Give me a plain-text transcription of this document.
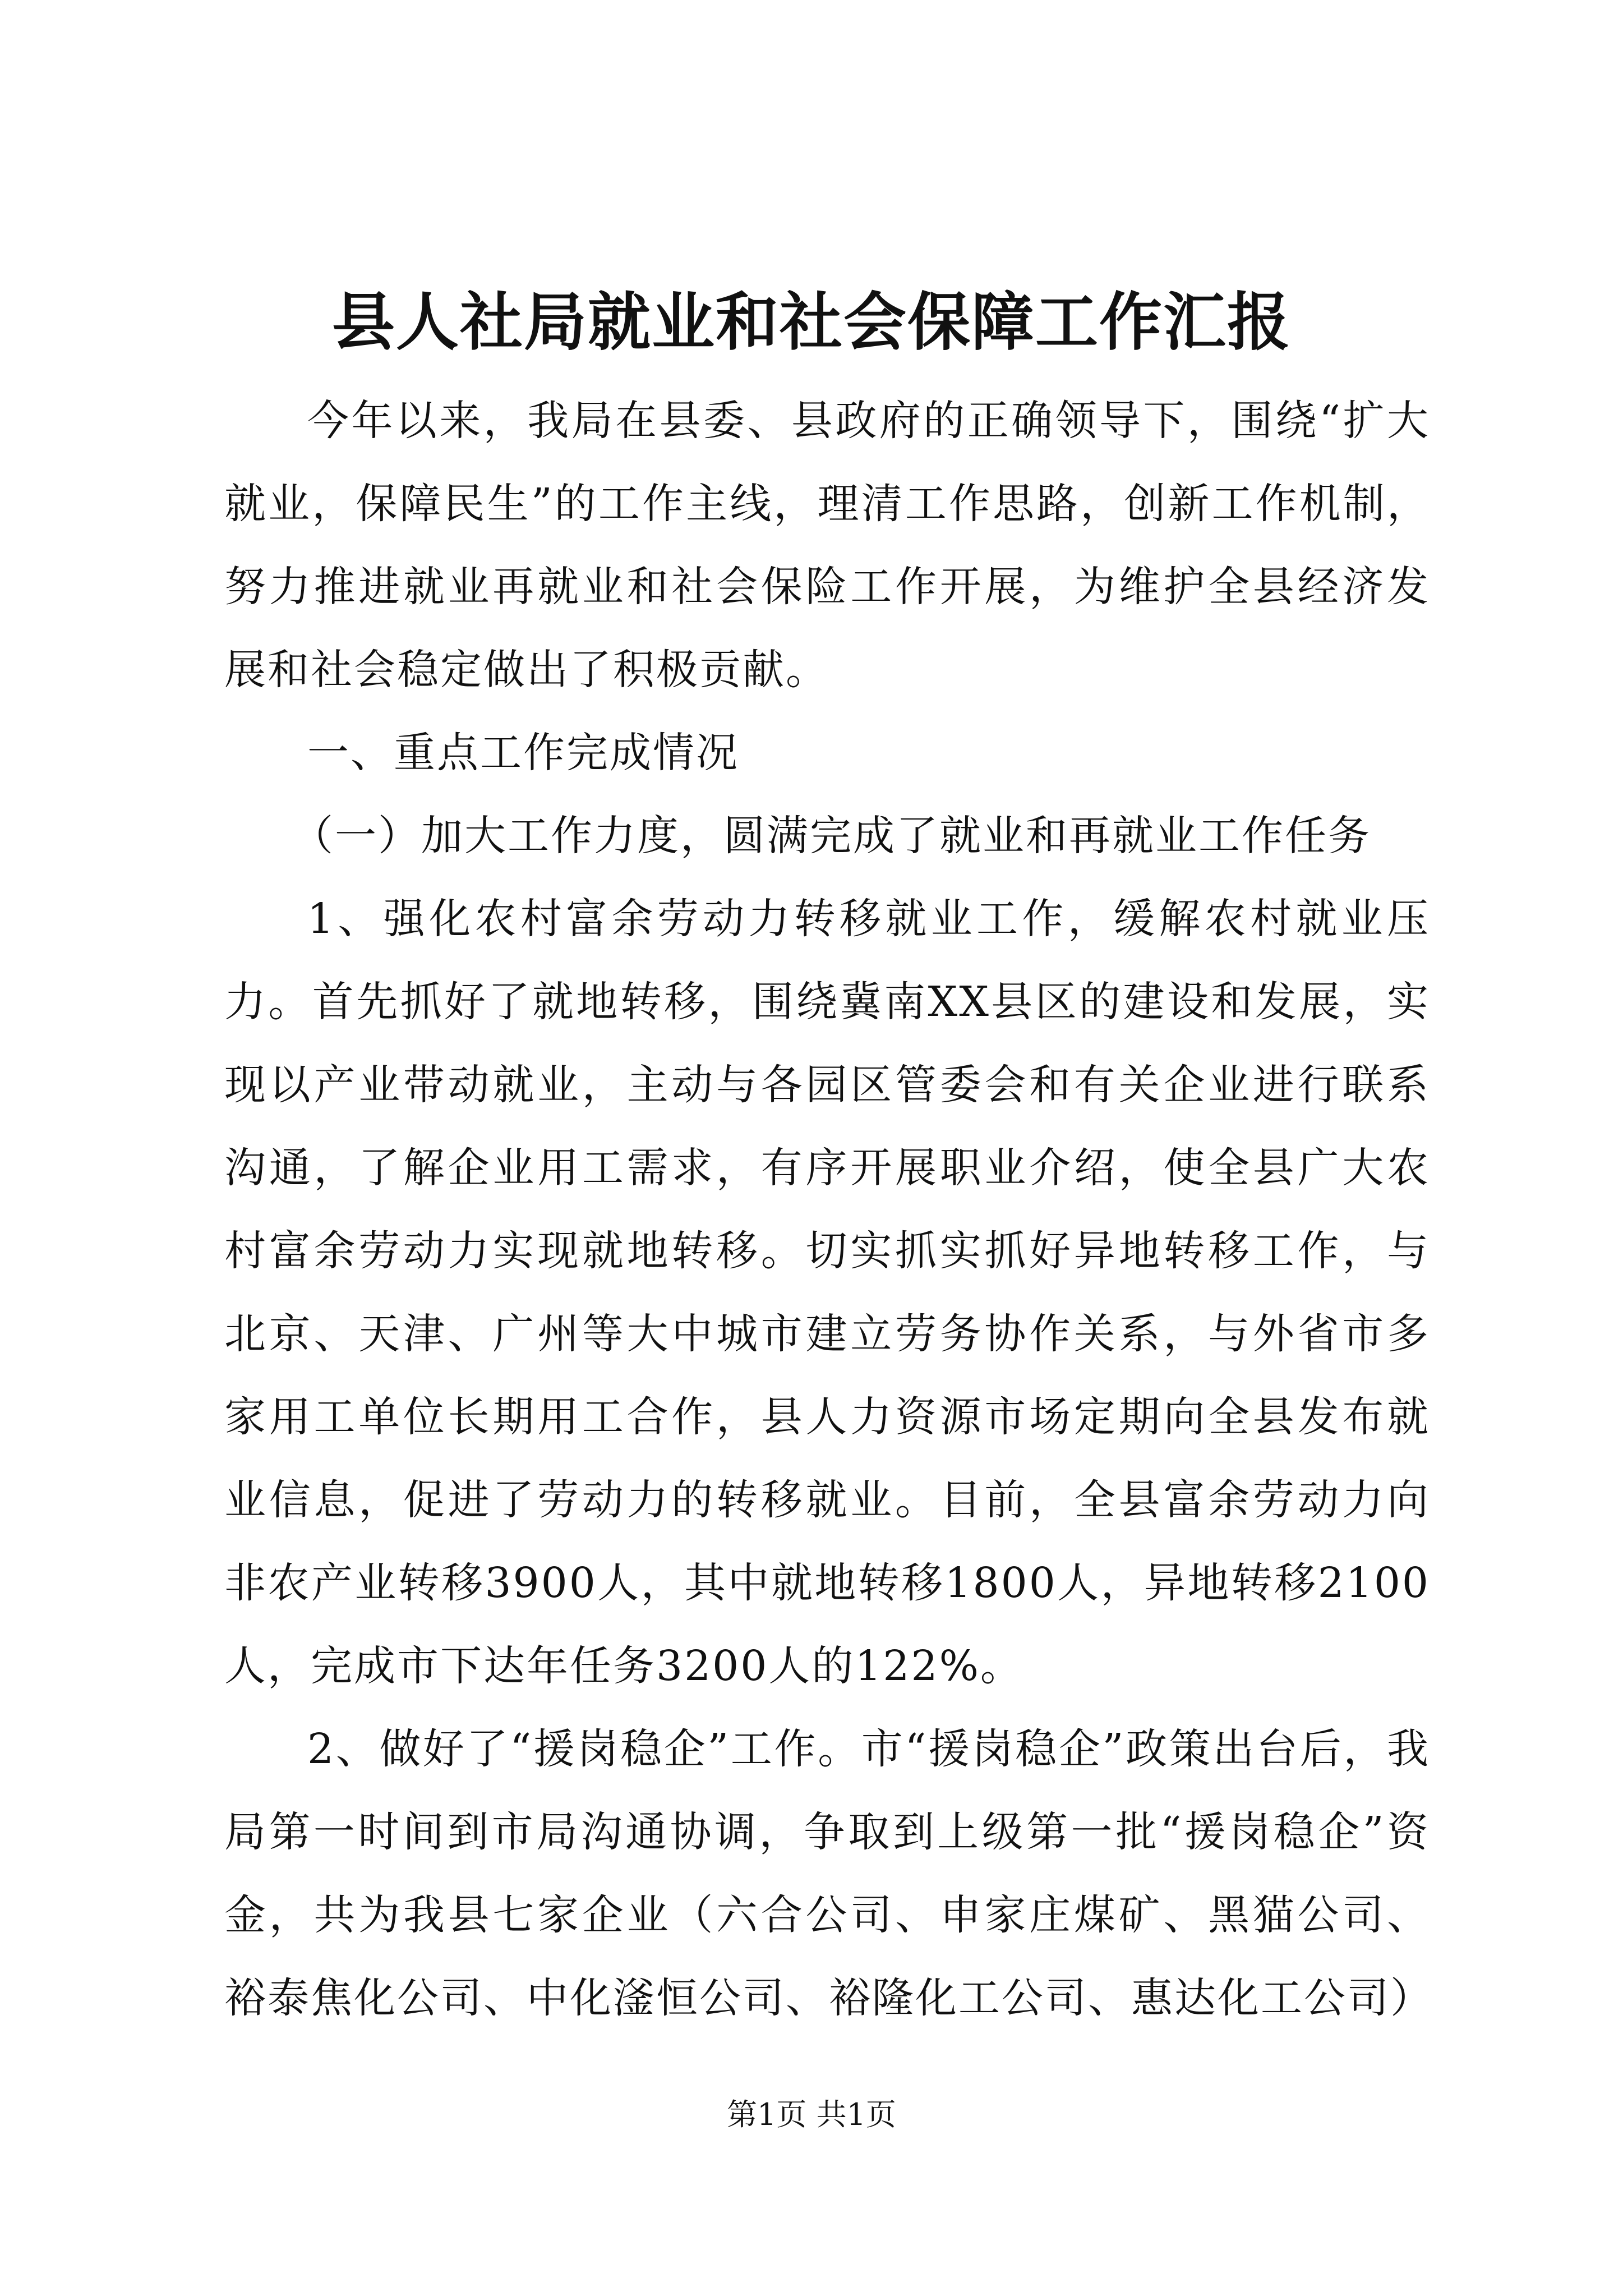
县人社局就业和社会保障工作汇报

今年以来，我局在县委、县政府的正确领导下，围绕“扩大就业，保障民生”的工作主线，理清工作思路，创新工作机制，努力推进就业再就业和社会保险工作开展，为维护全县经济发展和社会稳定做出了积极贡献。

一、重点工作完成情况

（一）加大工作力度，圆满完成了就业和再就业工作任务

1、强化农村富余劳动力转移就业工作，缓解农村就业压力。首先抓好了就地转移，围绕冀南XX县区的建设和发展，实现以产业带动就业，主动与各园区管委会和有关企业进行联系沟通，了解企业用工需求，有序开展职业介绍，使全县广大农村富余劳动力实现就地转移。切实抓实抓好异地转移工作，与北京、天津、广州等大中城市建立劳务协作关系，与外省市多家用工单位长期用工合作，县人力资源市场定期向全县发布就业信息，促进了劳动力的转移就业。目前，全县富余劳动力向非农产业转移3900人，其中就地转移1800人，异地转移2100人，完成市下达年任务3200人的122%。

2、做好了“援岗稳企”工作。市“援岗稳企”政策出台后，我局第一时间到市局沟通协调，争取到上级第一批“援岗稳企”资金，共为我县七家企业（六合公司、申家庄煤矿、黑猫公司、裕泰焦化公司、中化滏恒公司、裕隆化工公司、惠达化工公司）

第1页 共1页
